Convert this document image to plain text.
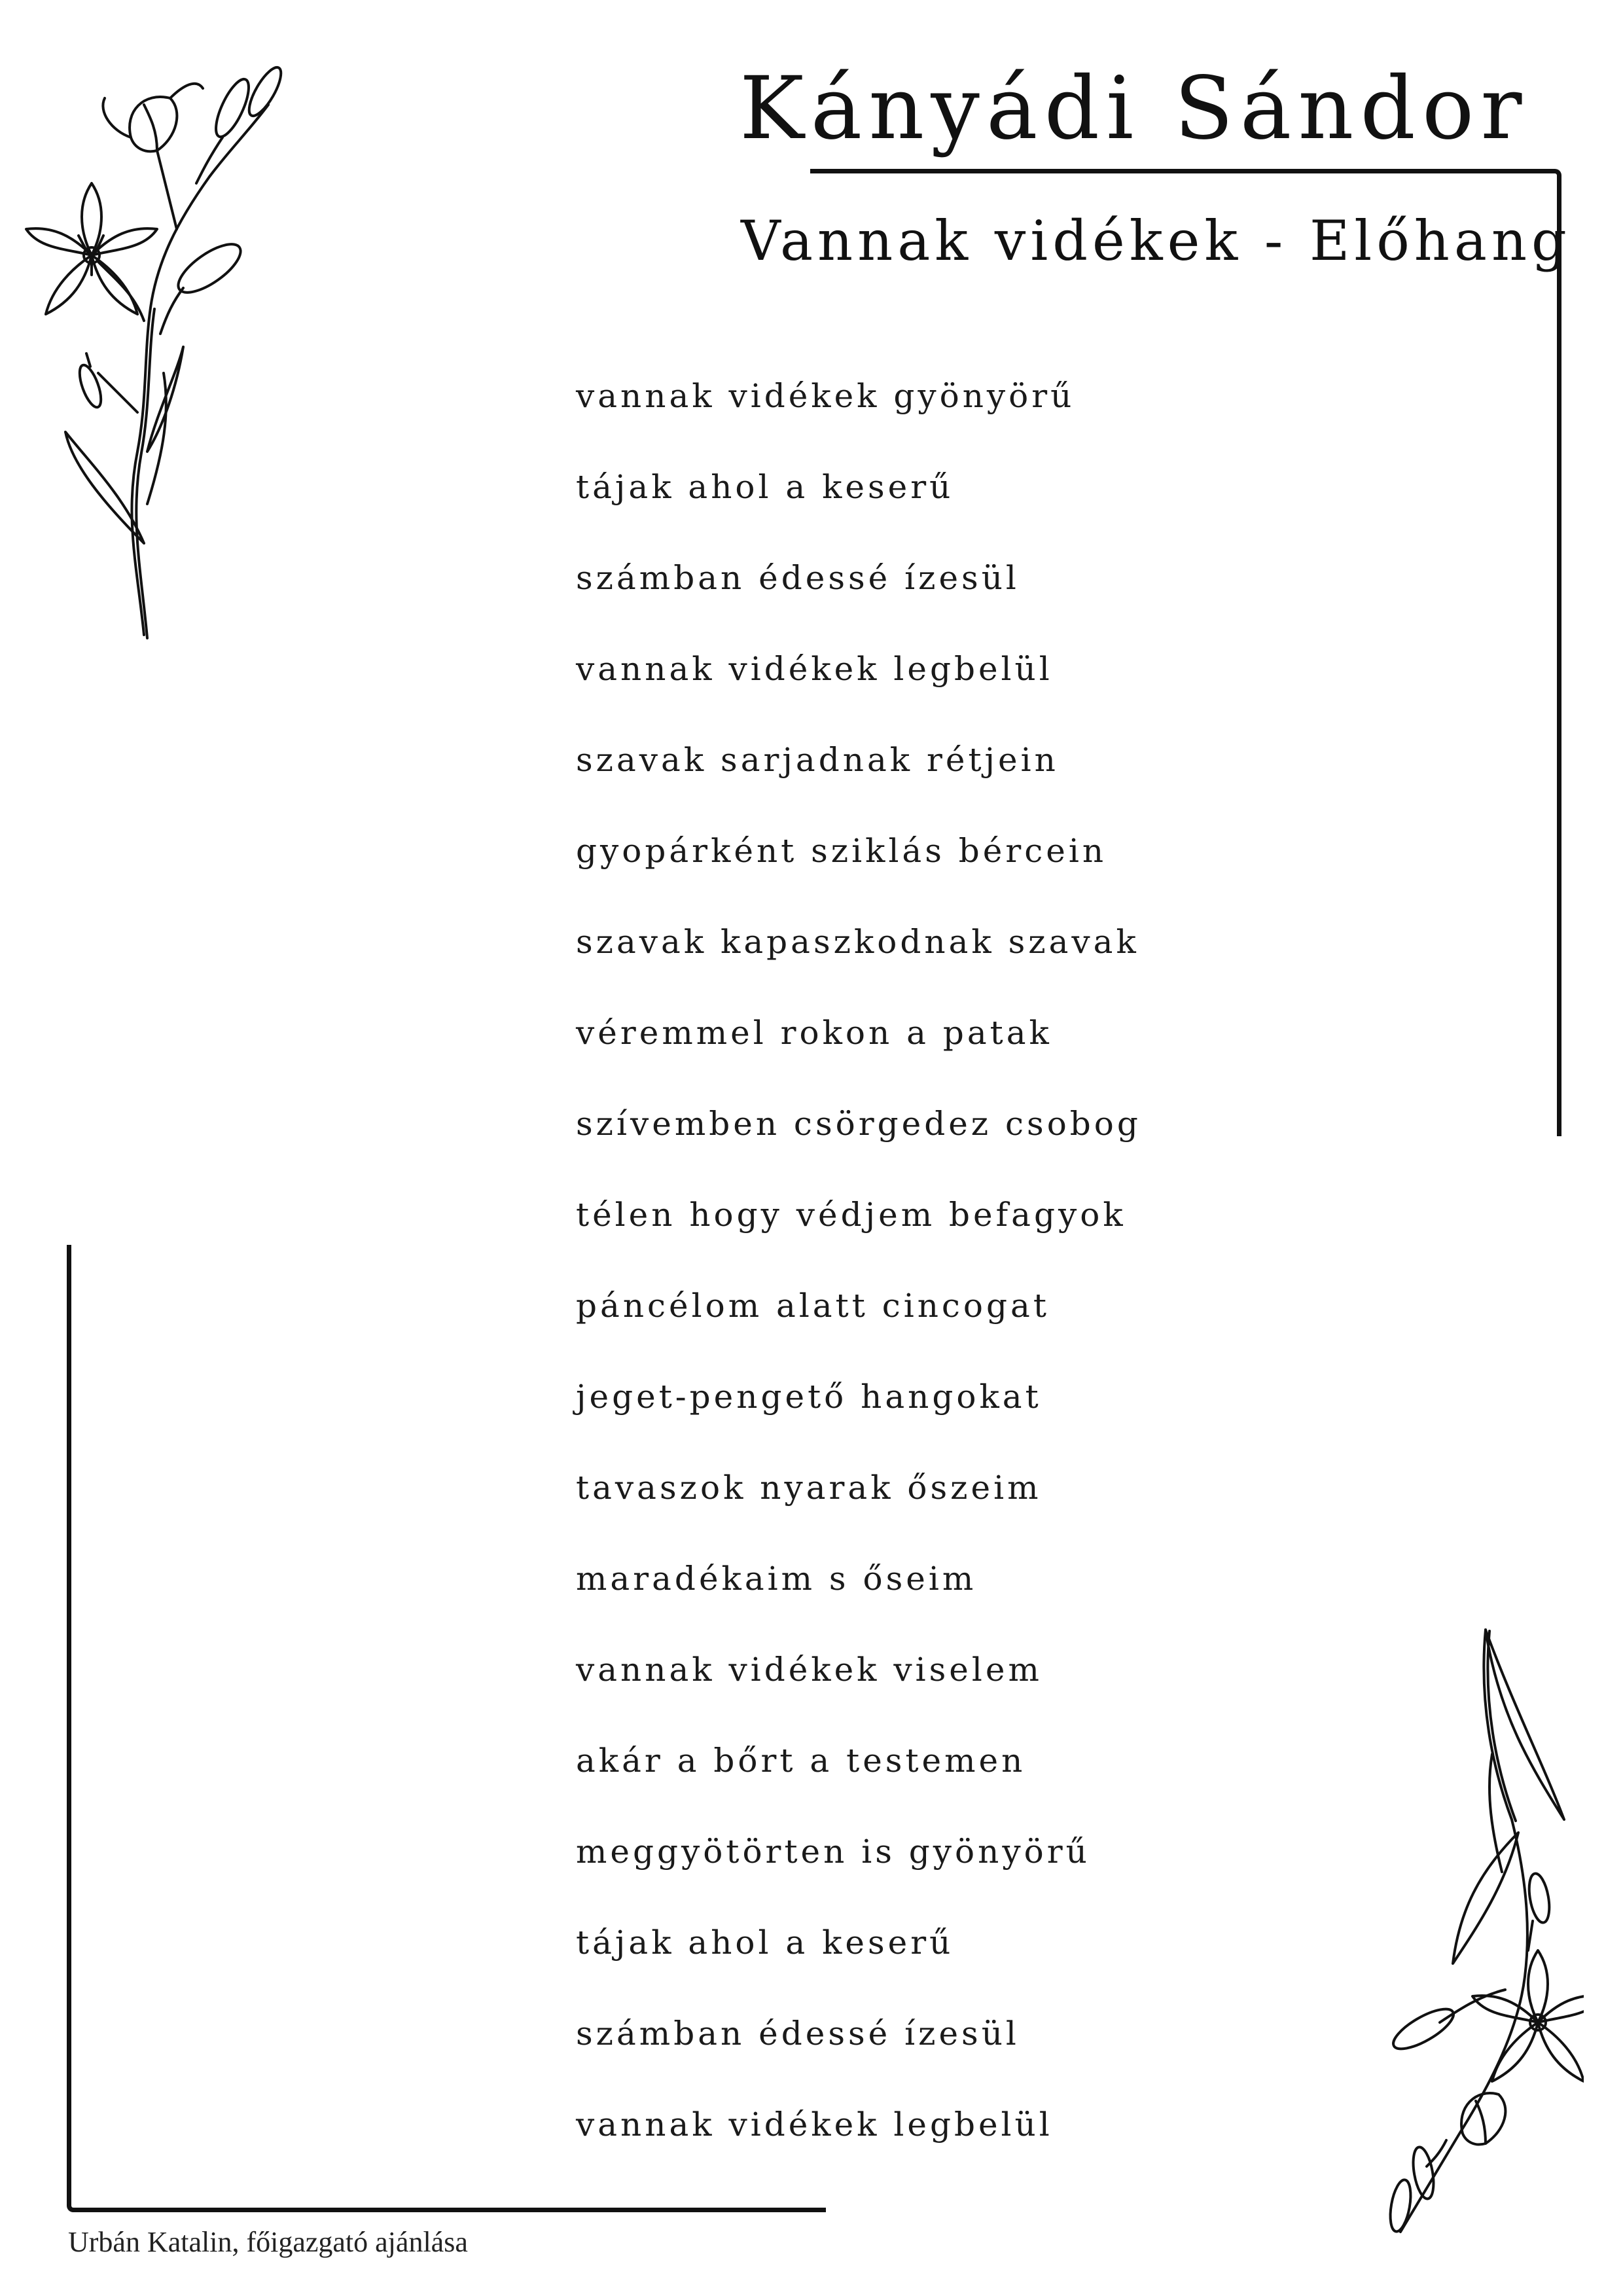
Kányádi Sándor
Vannak vidékek - Előhang
vannak vidékek gyönyörű
tájak ahol a keserű
számban édessé ízesül
vannak vidékek legbelül
szavak sarjadnak rétjein
gyopárként sziklás bércein
szavak kapaszkodnak szavak
véremmel rokon a patak
szívemben csörgedez csobog
télen hogy védjem befagyok
páncélom alatt cincogat
jeget-pengető hangokat
tavaszok nyarak őszeim
maradékaim s őseim
vannak vidékek viselem
akár a bőrt a testemen
meggyötörten is gyönyörű
tájak ahol a keserű
számban édessé ízesül
vannak vidékek legbelül
Urbán Katalin, főigazgató ajánlása
